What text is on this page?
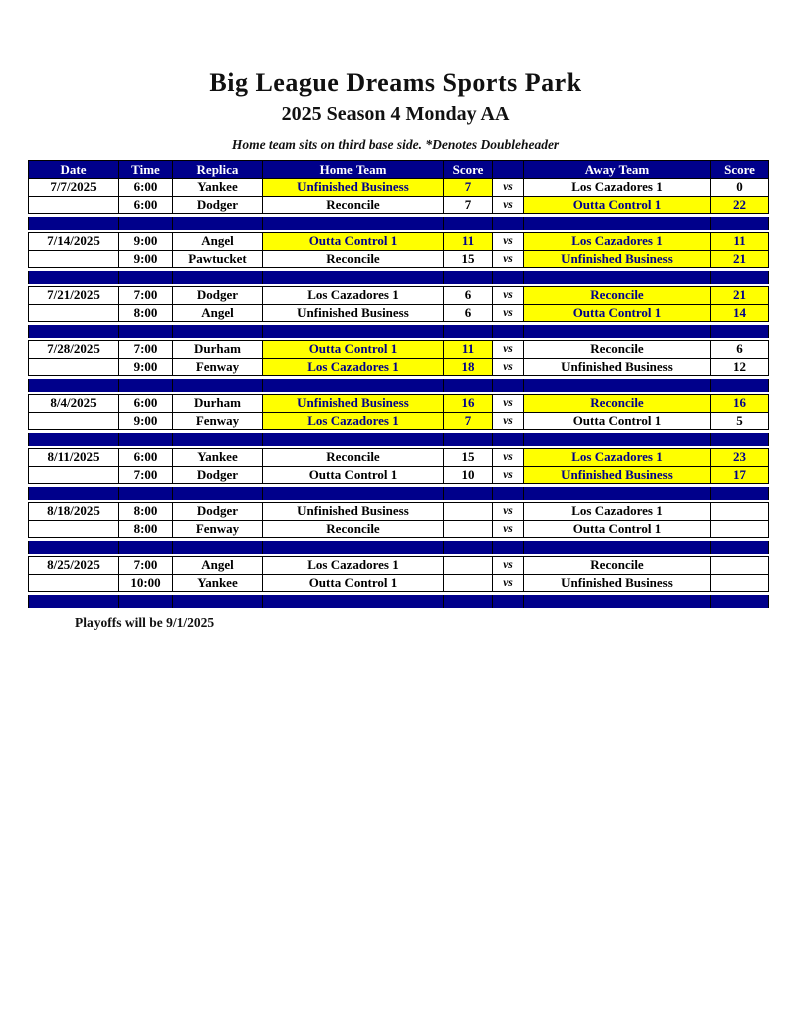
Big League Dreams Sports Park
2025 Season 4 Monday AA
Home team sits on third base side. *Denotes Doubleheader
Date	Time	Replica	Home Team	Score		Away Team	Score
7/7/2025	6:00	Yankee	Unfinished Business	7	vs	Los Cazadores 1	0
	6:00	Dodger	Reconcile	7	vs	Outta Control 1	22

7/14/2025	9:00	Angel	Outta Control 1	11	vs	Los Cazadores 1	11
	9:00	Pawtucket	Reconcile	15	vs	Unfinished Business	21

7/21/2025	7:00	Dodger	Los Cazadores 1	6	vs	Reconcile	21
	8:00	Angel	Unfinished Business	6	vs	Outta Control 1	14

7/28/2025	7:00	Durham	Outta Control 1	11	vs	Reconcile	6
	9:00	Fenway	Los Cazadores 1	18	vs	Unfinished Business	12

8/4/2025	6:00	Durham	Unfinished Business	16	vs	Reconcile	16
	9:00	Fenway	Los Cazadores 1	7	vs	Outta Control 1	5

8/11/2025	6:00	Yankee	Reconcile	15	vs	Los Cazadores 1	23
	7:00	Dodger	Outta Control 1	10	vs	Unfinished Business	17

8/18/2025	8:00	Dodger	Unfinished Business		vs	Los Cazadores 1	
	8:00	Fenway	Reconcile		vs	Outta Control 1	

8/25/2025	7:00	Angel	Los Cazadores 1		vs	Reconcile	
	10:00	Yankee	Outta Control 1		vs	Unfinished Business	

Playoffs will be 9/1/2025
